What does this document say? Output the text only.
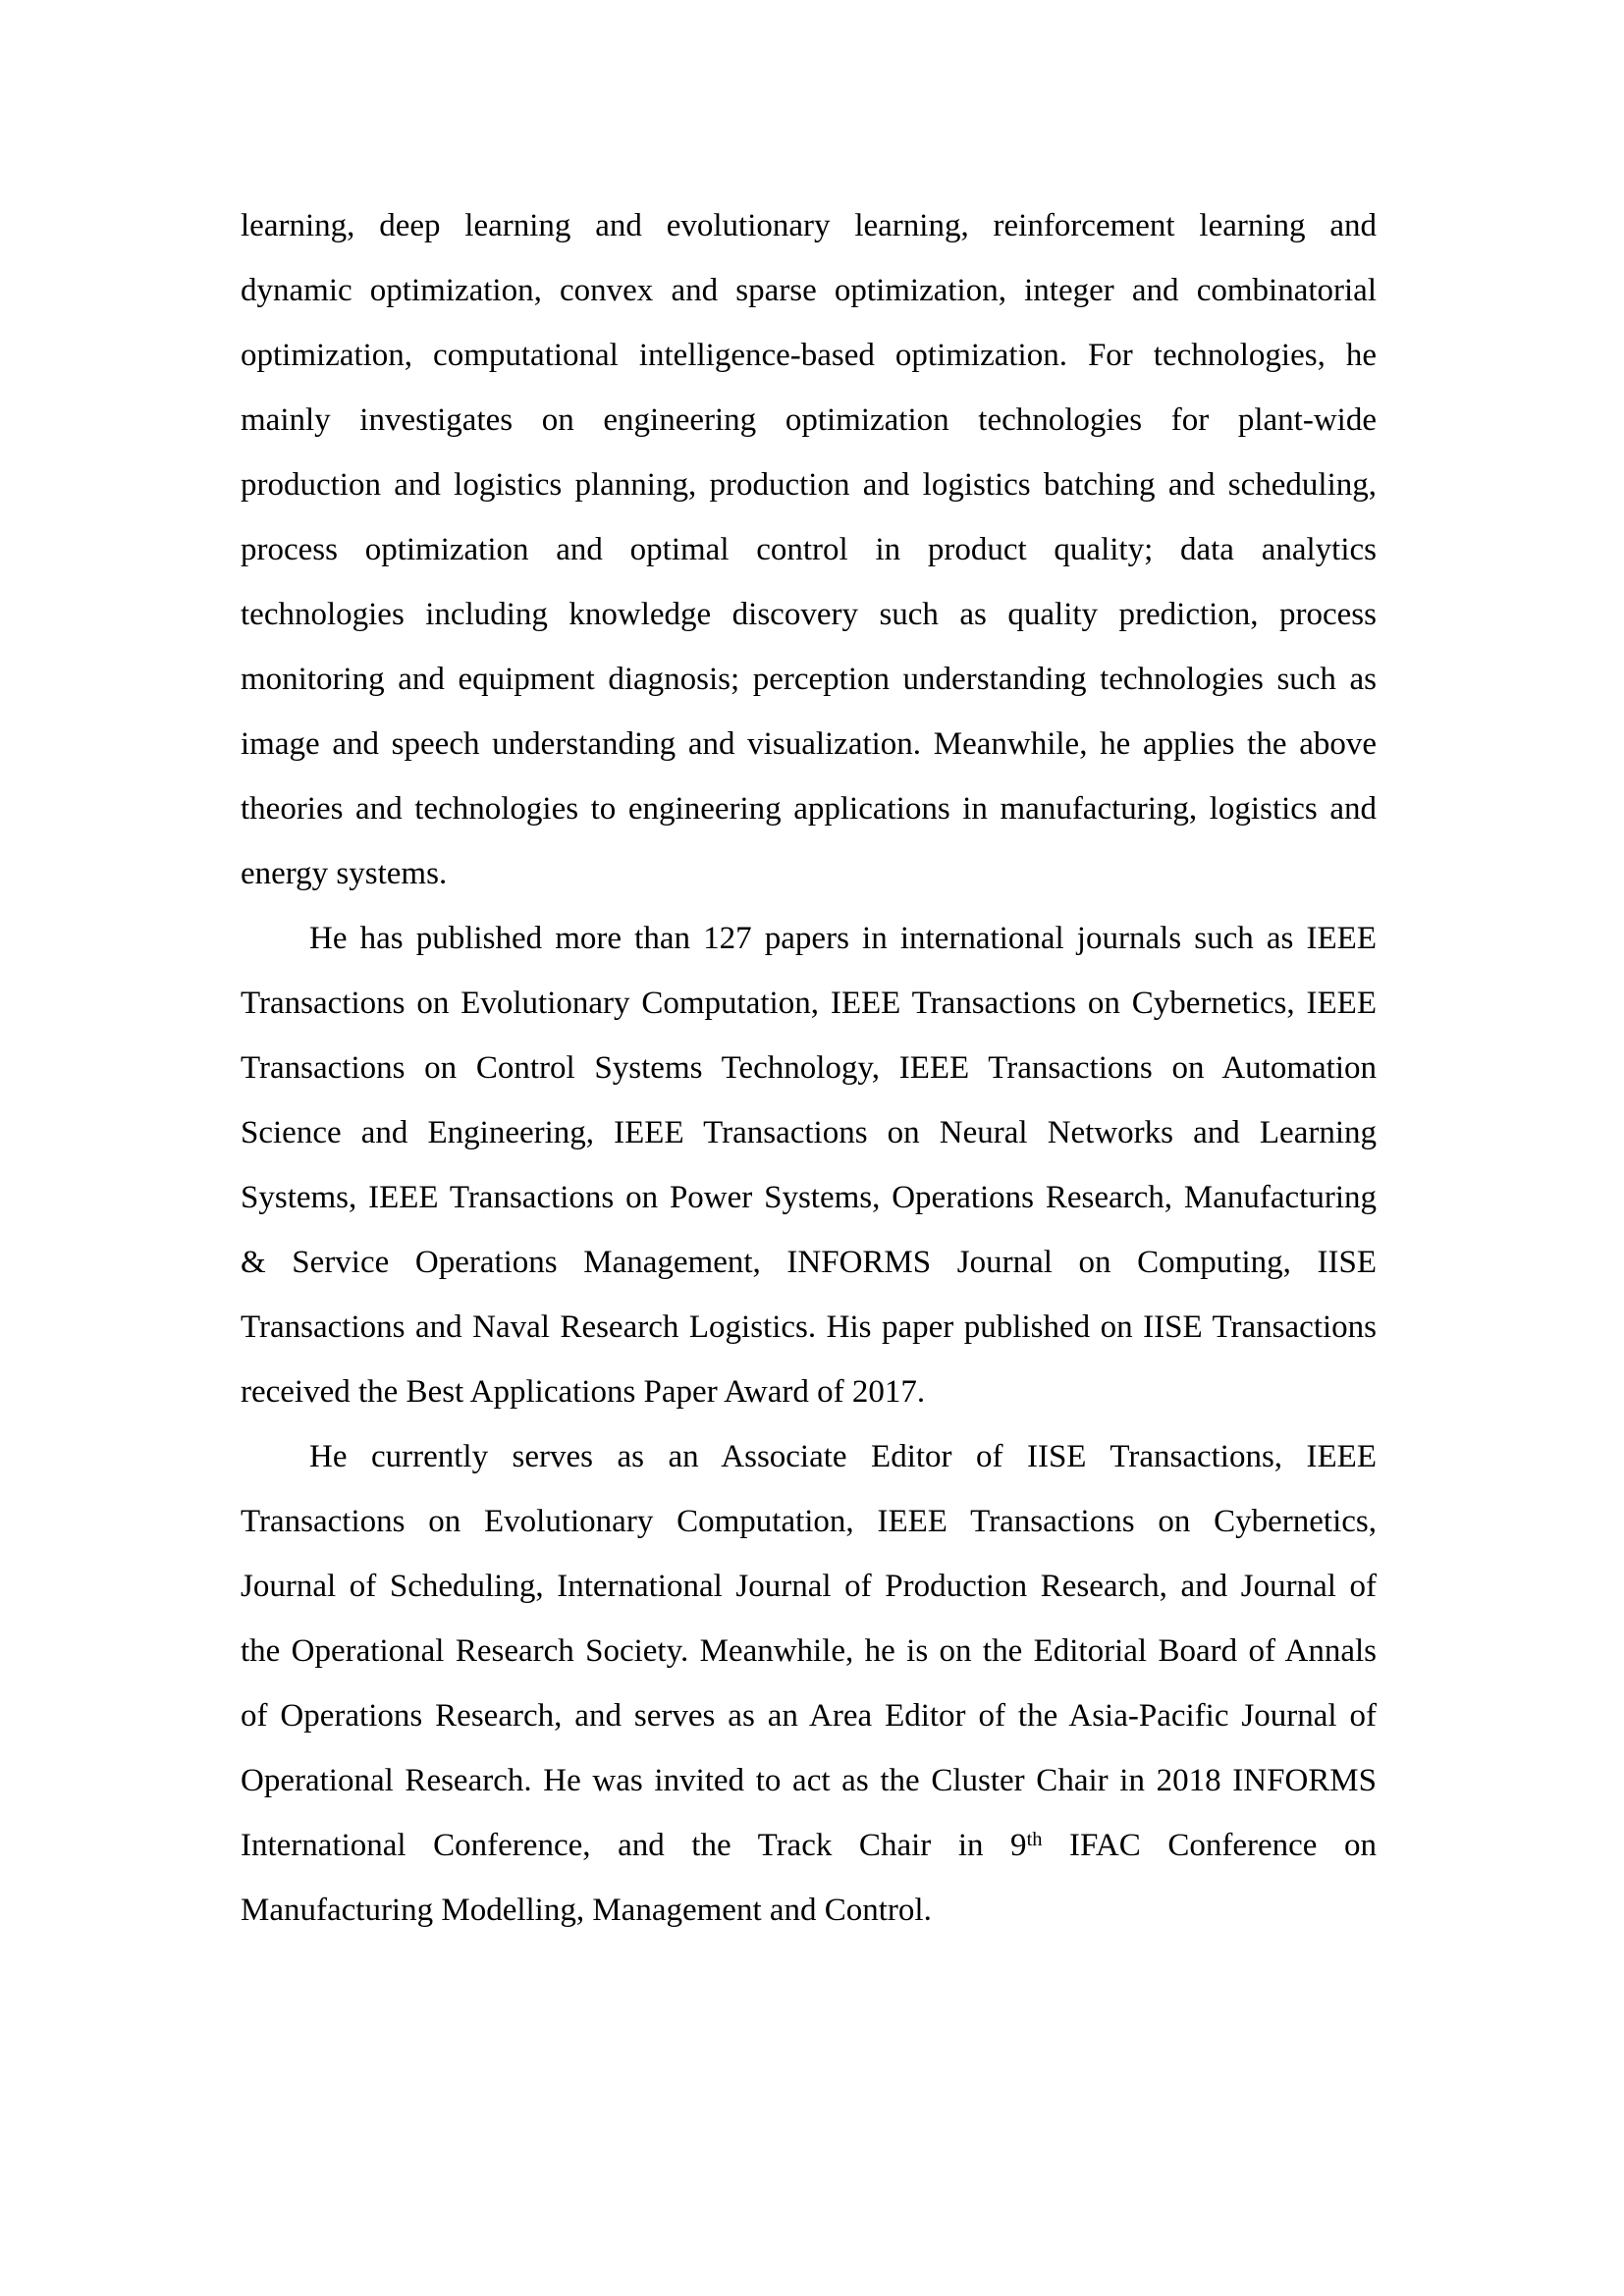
learning, deep learning and evolutionary learning, reinforcement learning and
dynamic optimization, convex and sparse optimization, integer and combinatorial
optimization, computational intelligence-based optimization. For technologies, he
mainly investigates on engineering optimization technologies for plant-wide
production and logistics planning, production and logistics batching and scheduling,
process optimization and optimal control in product quality; data analytics
technologies including knowledge discovery such as quality prediction, process
monitoring and equipment diagnosis; perception understanding technologies such as
image and speech understanding and visualization. Meanwhile, he applies the above
theories and technologies to engineering applications in manufacturing, logistics and
energy systems.
He has published more than 127 papers in international journals such as IEEE
Transactions on Evolutionary Computation, IEEE Transactions on Cybernetics, IEEE
Transactions on Control Systems Technology, IEEE Transactions on Automation
Science and Engineering, IEEE Transactions on Neural Networks and Learning
Systems, IEEE Transactions on Power Systems, Operations Research, Manufacturing
& Service Operations Management, INFORMS Journal on Computing, IISE
Transactions and Naval Research Logistics. His paper published on IISE Transactions
received the Best Applications Paper Award of 2017.
He currently serves as an Associate Editor of IISE Transactions, IEEE
Transactions on Evolutionary Computation, IEEE Transactions on Cybernetics,
Journal of Scheduling, International Journal of Production Research, and Journal of
the Operational Research Society. Meanwhile, he is on the Editorial Board of Annals
of Operations Research, and serves as an Area Editor of the Asia-Pacific Journal of
Operational Research. He was invited to act as the Cluster Chair in 2018 INFORMS
International Conference, and the Track Chair in 9th IFAC Conference on
Manufacturing Modelling, Management and Control.
